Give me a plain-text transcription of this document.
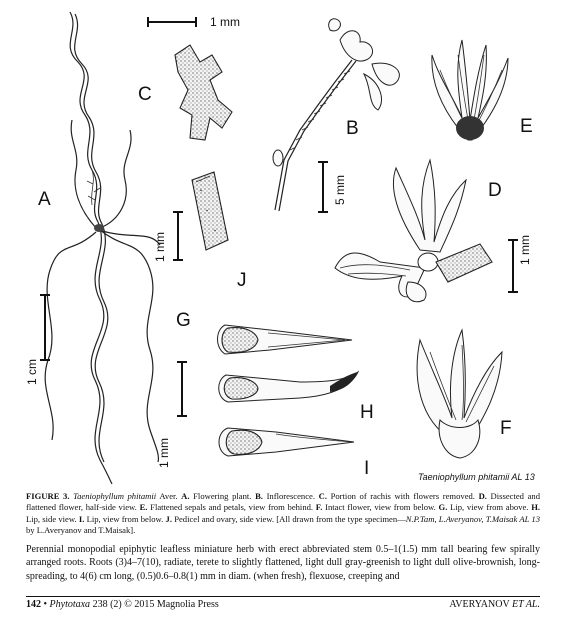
1 mm
5 mm
1 cm
1 mm	1 mm
1 mm
A
C
B	E
D
J
G
H
I
F
Taeniophyllum phitamii AL 13
FIGURE 3. Taeniophyllum phitamii Aver. A. Flowering plant. B. Inflorescence. C. Portion of rachis with flowers removed. D. Dissected and flattened flower, half-side view. E. Flattened sepals and petals, view from behind. F. Intact flower, view from below. G. Lip, view from above. H. Lip, side view. I. Lip, view from below. J. Pedicel and ovary, side view. [All drawn from the type specimen—N.P.Tam, L.Averyanov, T.Maisak AL 13 by L.Averyanov and T.Maisak].
Perennial monopodial epiphytic leafless miniature herb with erect abbreviated stem 0.5–1(1.5) mm tall bearing few spirally arranged roots. Roots (3)4–7(10), radiate, terete to slightly flattened, light dull gray-greenish to light dull olive-brownish, long-spreading, to 4(6) cm long, (0.5)0.6–0.8(1) mm in diam. (when fresh), flexuose, creeping and
142 • Phytotaxa 238 (2) © 2015 Magnolia Press	AVERYANOV ET AL.
